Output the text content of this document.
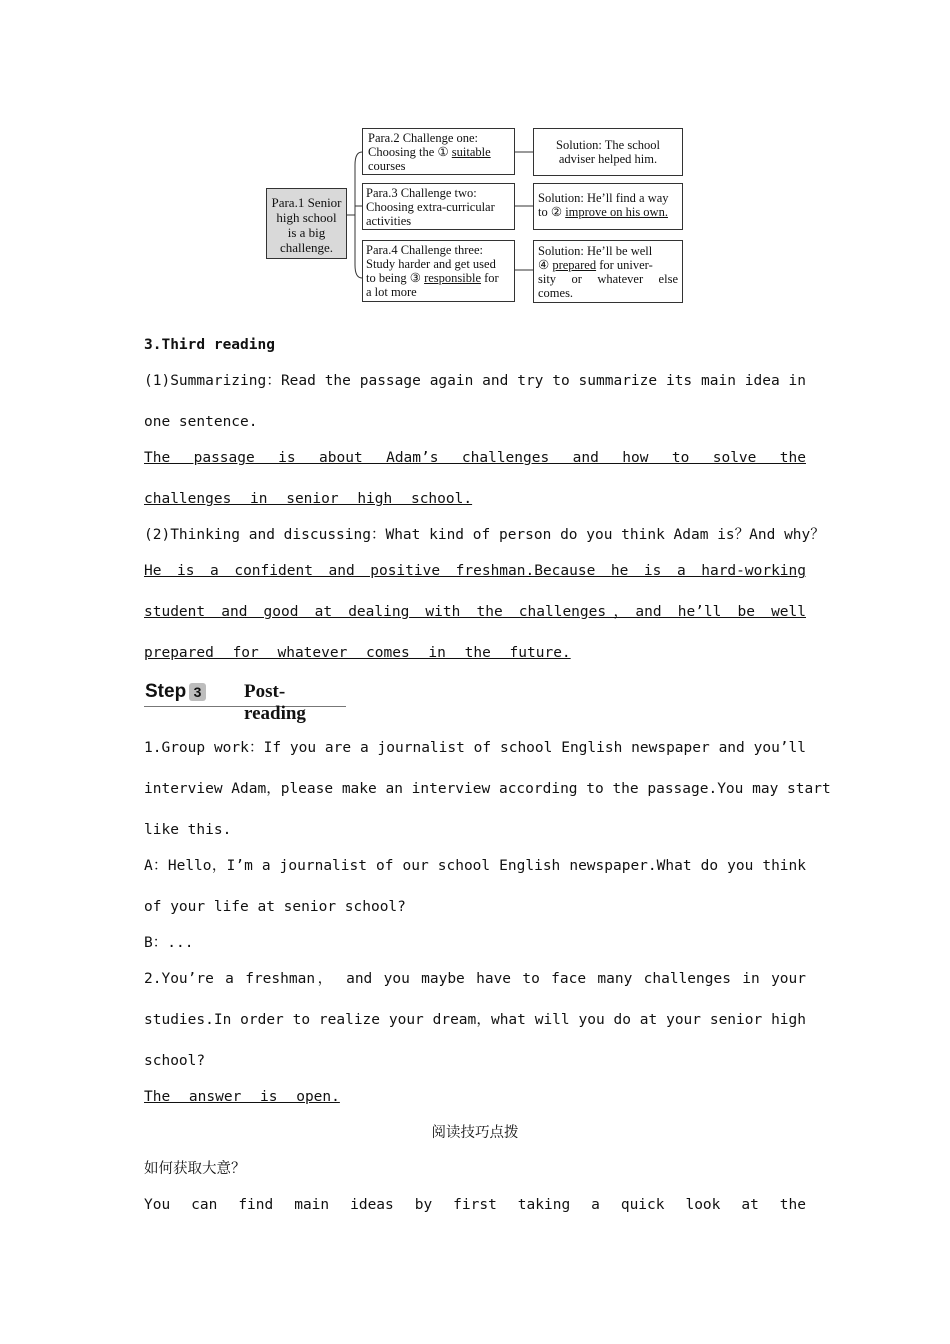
Para.1 Senior
high school
is a big
challenge.
Para.2 Challenge one:
Choosing the ① suitable
courses
Para.3 Challenge two:
Choosing extra-curricular
activities
Para.4 Challenge three:
Study harder and get used
to being ③ responsible for
a lot more
Solution: The school
adviser helped him.
Solution: He’ll find a way
to ② improve on his own.
Solution: He’ll be well
④ prepared for univer-
sity or whatever else
comes.
3.Third reading
(1)Summarizing：Read the passage again and try to summarize its main idea in
one sentence.
The passage is about Adam’s challenges and how to solve the
challenges in senior high school.
(2)Thinking and discussing：What kind of person do you think Adam is？And why？
He is a confident and positive freshman.Because he is a hard-working
student and good at dealing with the challenges，and he’ll be well
prepared for whatever comes in the future.
Step 3 Post-reading
1.Group work：If you are a journalist of school English newspaper and you’ll
interview Adam，please make an interview according to the passage.You may start
like this.
A：Hello，I’m a journalist of our school English newspaper.What do you think
of your life at senior school?
B：...
2.You’re a freshman， and you maybe have to face many challenges in your
studies.In order to realize your dream，what will you do at your senior high
school?
The answer is open.
阅读技巧点拨
如何获取大意？
You can find main ideas by first taking a quick look at the
